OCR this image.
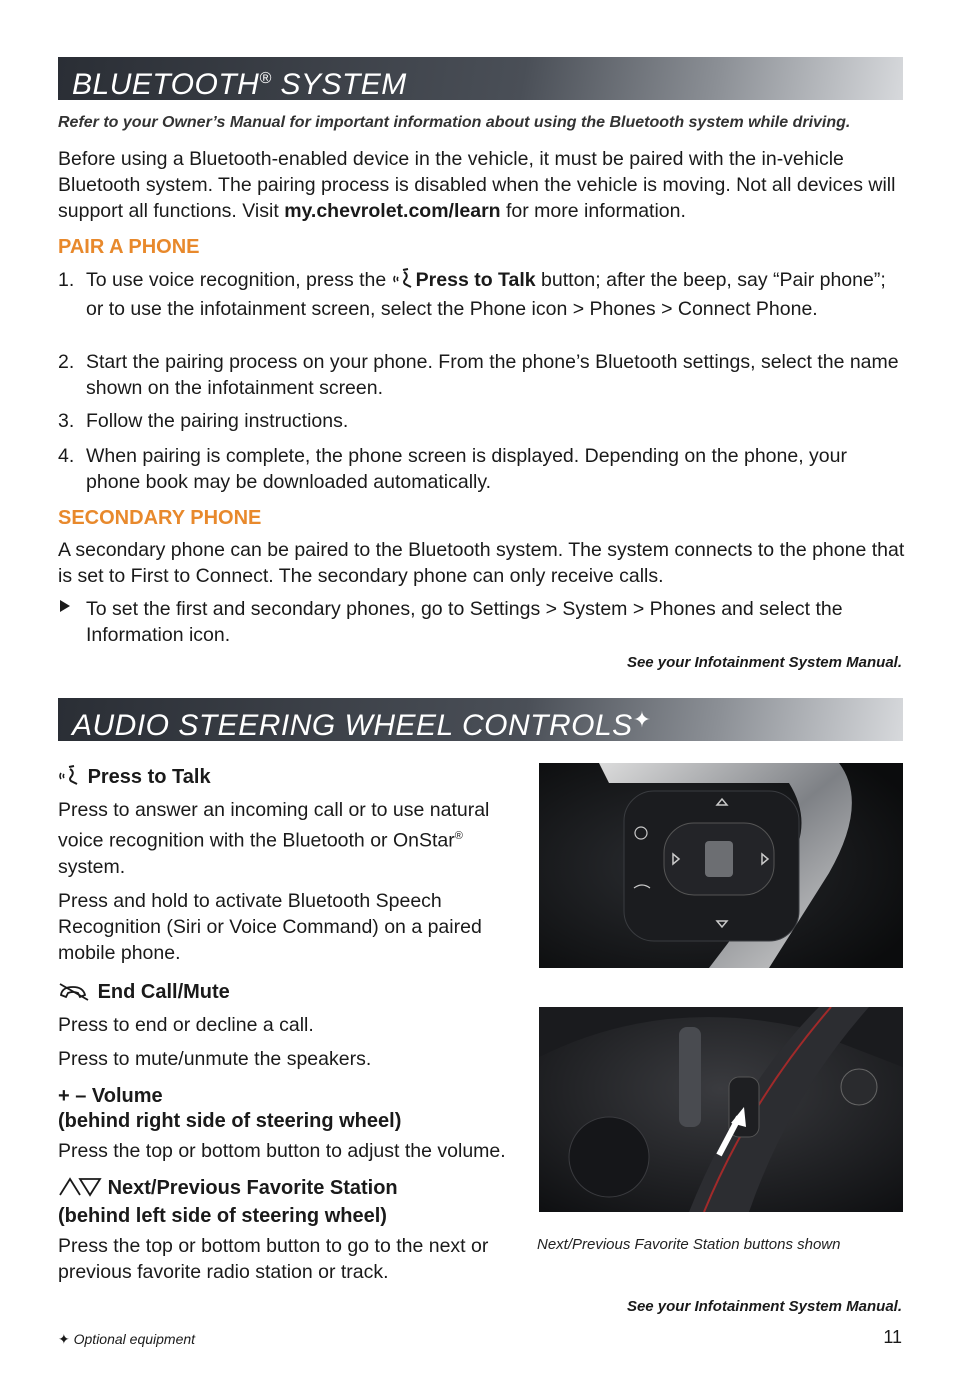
BLUETOOTH® SYSTEM
Refer to your Owner’s Manual for important information about using the Bluetooth system while driving.
Before using a Bluetooth-enabled device in the vehicle, it must be paired with the in-vehicle Bluetooth system. The pairing process is disabled when the vehicle is moving. Not all devices will support all functions. Visit my.chevrolet.com/learn for more information.
PAIR A PHONE
1. To use voice recognition, press the Press to Talk button; after the beep, say “Pair phone”; or to use the infotainment screen, select the Phone icon > Phones > Connect Phone.
2. Start the pairing process on your phone. From the phone’s Bluetooth settings, select the name shown on the infotainment screen.
3. Follow the pairing instructions.
4. When pairing is complete, the phone screen is displayed. Depending on the phone, your phone book may be downloaded automatically.
SECONDARY PHONE
A secondary phone can be paired to the Bluetooth system. The system connects to the phone that is set to First to Connect. The secondary phone can only receive calls.
To set the first and secondary phones, go to Settings > System > Phones and select the Information icon.
See your Infotainment System Manual.
AUDIO STEERING WHEEL CONTROLS✦
Press to Talk

Press to answer an incoming call or to use natural voice recognition with the Bluetooth or OnStar® system.

Press and hold to activate Bluetooth Speech Recognition (Siri or Voice Command) on a paired mobile phone.

End Call/Mute

Press to end or decline a call.

Press to mute/unmute the speakers.

+ – Volume
(behind right side of steering wheel)

Press the top or bottom button to adjust the volume.

Next/Previous Favorite Station
(behind left side of steering wheel)

Press the top or bottom button to go to the next or previous favorite radio station or track.

Next/Previous Favorite Station buttons shown
See your Infotainment System Manual.
✦ Optional equipment	11
